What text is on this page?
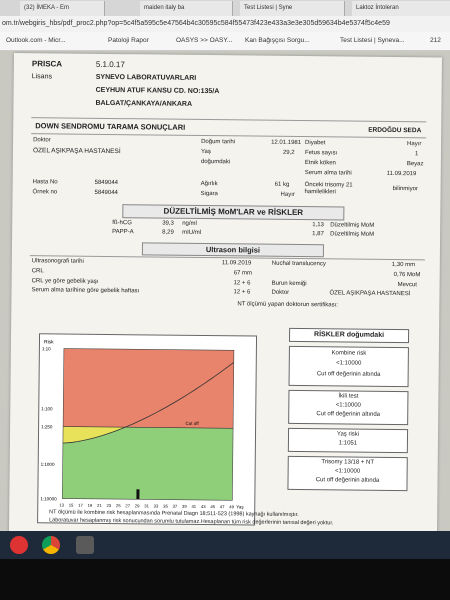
(32) İMEKA - Em	maiden italy ba	Test Listesi | Syne	Laktoz İntoleran
om.tr/webgiris_hbs/pdf_proc2.php?op=5c4f5a595c5e47564b4c30595c584f55473f423e433a3e3e305d59634b4e5374f5c4e59
Outlook.com - Micr...	Patoloji Rapor	OASYS >> OASY... Kan Bağışçısı Sorgu...	Test Listesi | Syneva...	212
PRISCA	5.1.0.17
Lisans	SYNEVO LABORATUVARLARI
CEYHUN ATUF KANSU CD. NO:135/A
BALGAT/ÇANKAYA/ANKARA
DOWN SENDROMU TARAMA SONUÇLARI	ERDOĞDU SEDA
Doktor
ÖZEL AŞIKPAŞA HASTANESİ
Hasta No	5849044
Örnek no	5849044
Doğum tarihi	12.01.1981
Yaş	29,2
doğumdaki
Ağırlık	61 kg
Sigara	Hayır
Diyabet	Hayır
Fetus sayısı	1
Etnik köken	Beyaz
Serum alma tarihi	11.09.2019
Önceki trisomy 21 hamilelikleri	bilinmiyor
DÜZELTİLMİŞ MoM'LAR ve RİSKLER
fß-hCG	39,3 ng/ml	1,13 Düzeltilmiş MoM
PAPP-A	8,29 mIU/ml	1,87 Düzeltilmiş MoM
Ultrason bilgisi
Ultrasonografi tarihi	11.09.2019
CRL	67 mm
CRL ye göre gebelik yaşı	12 + 6
Serum alma tarihine göre gebelik haftası	12 + 6
Nuchal translucency	1,30 mm
0,76 MoM
Burun kemiği	Mevcut
Doktor	ÖZEL AŞIKPAŞA HASTANESİ
NT ölçümü yapan doktorun sertifikası:
Risk
Cut off
1:10
1:100
1:250
1:1000
1:10000
13 15 17 19 21 23 25 27 29 31 33 35 37 39 41 43 45 47 49 Yaş
RİSKLER doğumdaki
Kombine risk
<1:10000
Cut off değerinin altında
İkili test
<1:10000
Cut off değerinin altında
Yaş riski
1:1051
Trisomy 13/18 + NT
<1:10000
Cut off değerinin altında
NT ölçümü ile kombine risk hesaplanmasında Prenatal Diagn 18;511-523 (1998) kaynağı kullanılmıştır.
Laboratuvar hesaplanmış risk sonucundan sorumlu tutulamaz.Hesaplanan tüm risk değerlerinin tanısal değeri yoktur.
